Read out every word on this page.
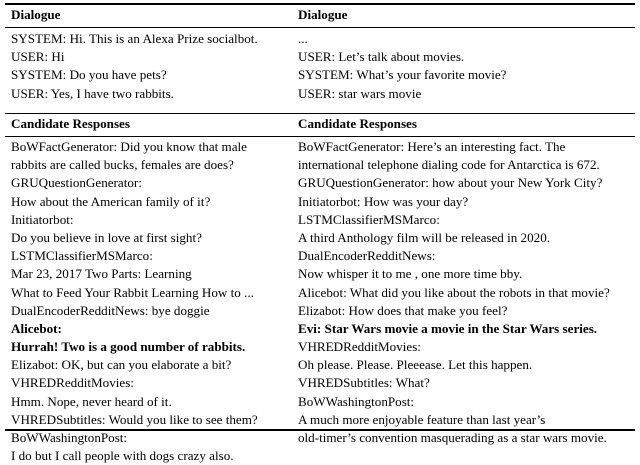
Dialogue
SYSTEM: Hi. This is an Alexa Prize socialbot.
USER: Hi
SYSTEM: Do you have pets?
USER: Yes, I have two rabbits.
Candidate Responses
BoWFactGenerator: Did you know that male
rabbits are called bucks, females are does?
GRUQuestionGenerator:
How about the American family of it?
Initiatorbot:
Do you believe in love at first sight?
LSTMClassifierMSMarco:
Mar 23, 2017 Two Parts: Learning
What to Feed Your Rabbit Learning How to ...
DualEncoderRedditNews: bye doggie
Alicebot:
Hurrah! Two is a good number of rabbits.
Elizabot: OK, but can you elaborate a bit?
VHREDRedditMovies:
Hmm. Nope, never heard of it.
VHREDSubtitles: Would you like to see them?
BoWWashingtonPost:
I do but I call people with dogs crazy also.
Dialogue
...
USER: Let’s talk about movies.
SYSTEM: What’s your favorite movie?
USER: star wars movie
Candidate Responses
BoWFactGenerator: Here’s an interesting fact. The
international telephone dialing code for Antarctica is 672.
GRUQuestionGenerator: how about your New York City?
Initiatorbot: How was your day?
LSTMClassifierMSMarco:
A third Anthology film will be released in 2020.
DualEncoderRedditNews:
Now whisper it to me , one more time bby.
Alicebot: What did you like about the robots in that movie?
Elizabot: How does that make you feel?
Evi: Star Wars movie a movie in the Star Wars series.
VHREDRedditMovies:
Oh please. Please. Pleeease. Let this happen.
VHREDSubtitles: What?
BoWWashingtonPost:
A much more enjoyable feature than last year’s
old-timer’s convention masquerading as a star wars movie.
